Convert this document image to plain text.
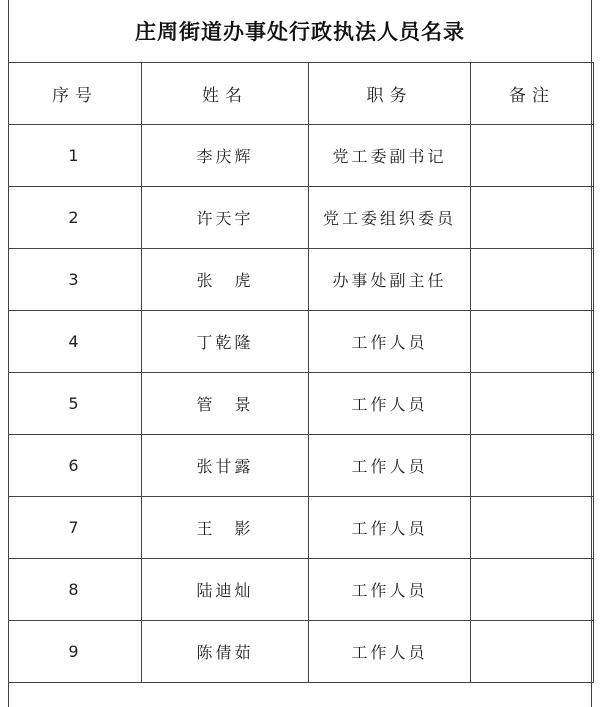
庄周街道办事处行政执法人员名录
序号	姓名	职务	备注
1	李庆辉	党工委副书记	
2	许天宇	党工委组织委员	
3	张　虎	办事处副主任	
4	丁乾隆	工作人员	
5	管　景	工作人员	
6	张甘露	工作人员	
7	王　影	工作人员	
8	陆迪灿	工作人员	
9	陈倩茹	工作人员	
